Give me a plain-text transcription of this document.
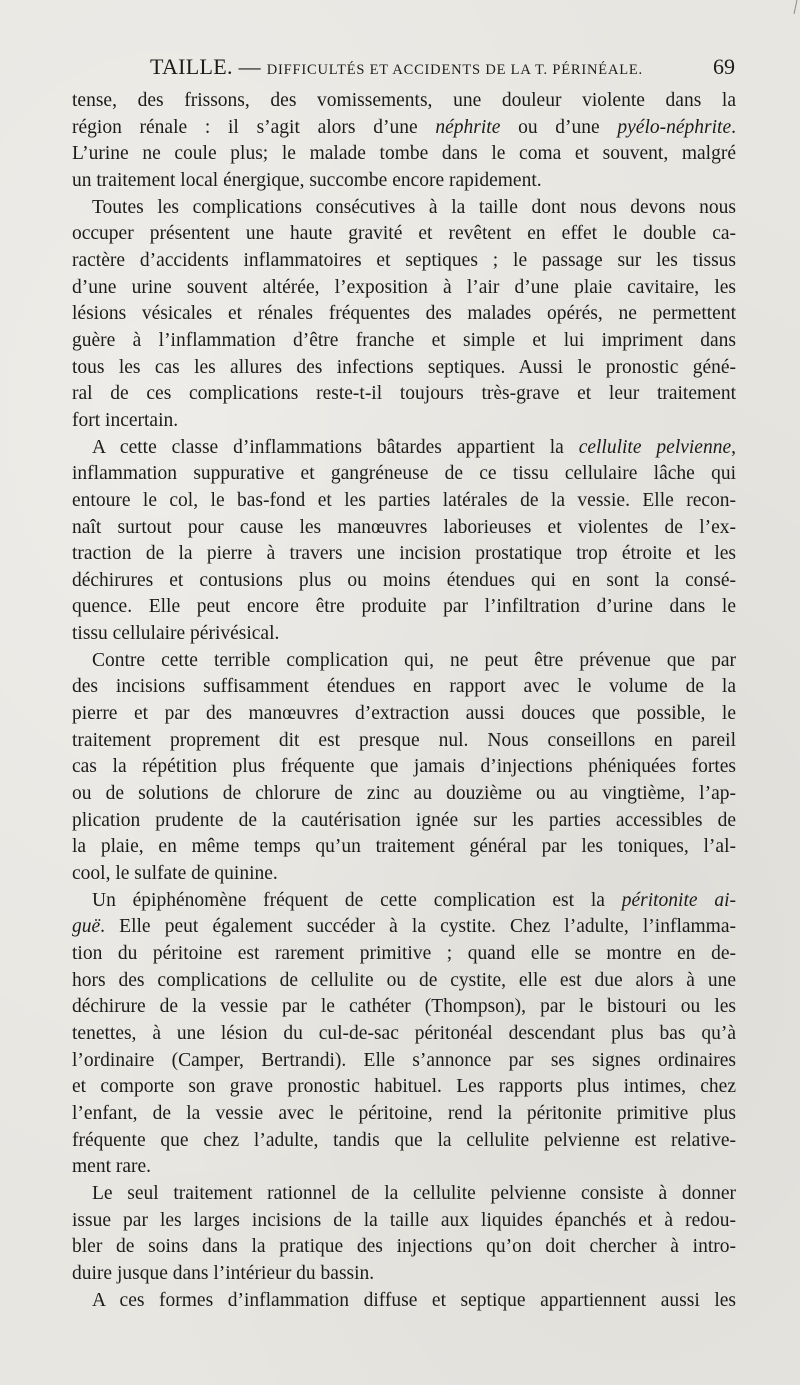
TAILLE. — DIFFICULTÉS ET ACCIDENTS DE LA T. PÉRINÉALE.	69
tense, des frissons, des vomissements, une douleur violente dans la
région rénale : il s’agit alors d’une néphrite ou d’une pyélo-néphrite.
L’urine ne coule plus; le malade tombe dans le coma et souvent, malgré
un traitement local énergique, succombe encore rapidement.
Toutes les complications consécutives à la taille dont nous devons nous
occuper présentent une haute gravité et revêtent en effet le double ca-
ractère d’accidents inflammatoires et septiques ; le passage sur les tissus
d’une urine souvent altérée, l’exposition à l’air d’une plaie cavitaire, les
lésions vésicales et rénales fréquentes des malades opérés, ne permettent
guère à l’inflammation d’être franche et simple et lui impriment dans
tous les cas les allures des infections septiques. Aussi le pronostic géné-
ral de ces complications reste-t-il toujours très-grave et leur traitement
fort incertain.
A cette classe d’inflammations bâtardes appartient la cellulite pelvienne,
inflammation suppurative et gangréneuse de ce tissu cellulaire lâche qui
entoure le col, le bas-fond et les parties latérales de la vessie. Elle recon-
naît surtout pour cause les manœuvres laborieuses et violentes de l’ex-
traction de la pierre à travers une incision prostatique trop étroite et les
déchirures et contusions plus ou moins étendues qui en sont la consé-
quence. Elle peut encore être produite par l’infiltration d’urine dans le
tissu cellulaire périvésical.
Contre cette terrible complication qui, ne peut être prévenue que par
des incisions suffisamment étendues en rapport avec le volume de la
pierre et par des manœuvres d’extraction aussi douces que possible, le
traitement proprement dit est presque nul. Nous conseillons en pareil
cas la répétition plus fréquente que jamais d’injections phéniquées fortes
ou de solutions de chlorure de zinc au douzième ou au vingtième, l’ap-
plication prudente de la cautérisation ignée sur les parties accessibles de
la plaie, en même temps qu’un traitement général par les toniques, l’al-
cool, le sulfate de quinine.
Un épiphénomène fréquent de cette complication est la péritonite ai-
guë. Elle peut également succéder à la cystite. Chez l’adulte, l’inflamma-
tion du péritoine est rarement primitive ; quand elle se montre en de-
hors des complications de cellulite ou de cystite, elle est due alors à une
déchirure de la vessie par le cathéter (Thompson), par le bistouri ou les
tenettes, à une lésion du cul-de-sac péritonéal descendant plus bas qu’à
l’ordinaire (Camper, Bertrandi). Elle s’annonce par ses signes ordinaires
et comporte son grave pronostic habituel. Les rapports plus intimes, chez
l’enfant, de la vessie avec le péritoine, rend la péritonite primitive plus
fréquente que chez l’adulte, tandis que la cellulite pelvienne est relative-
ment rare.
Le seul traitement rationnel de la cellulite pelvienne consiste à donner
issue par les larges incisions de la taille aux liquides épanchés et à redou-
bler de soins dans la pratique des injections qu’on doit chercher à intro-
duire jusque dans l’intérieur du bassin.
A ces formes d’inflammation diffuse et septique appartiennent aussi les
